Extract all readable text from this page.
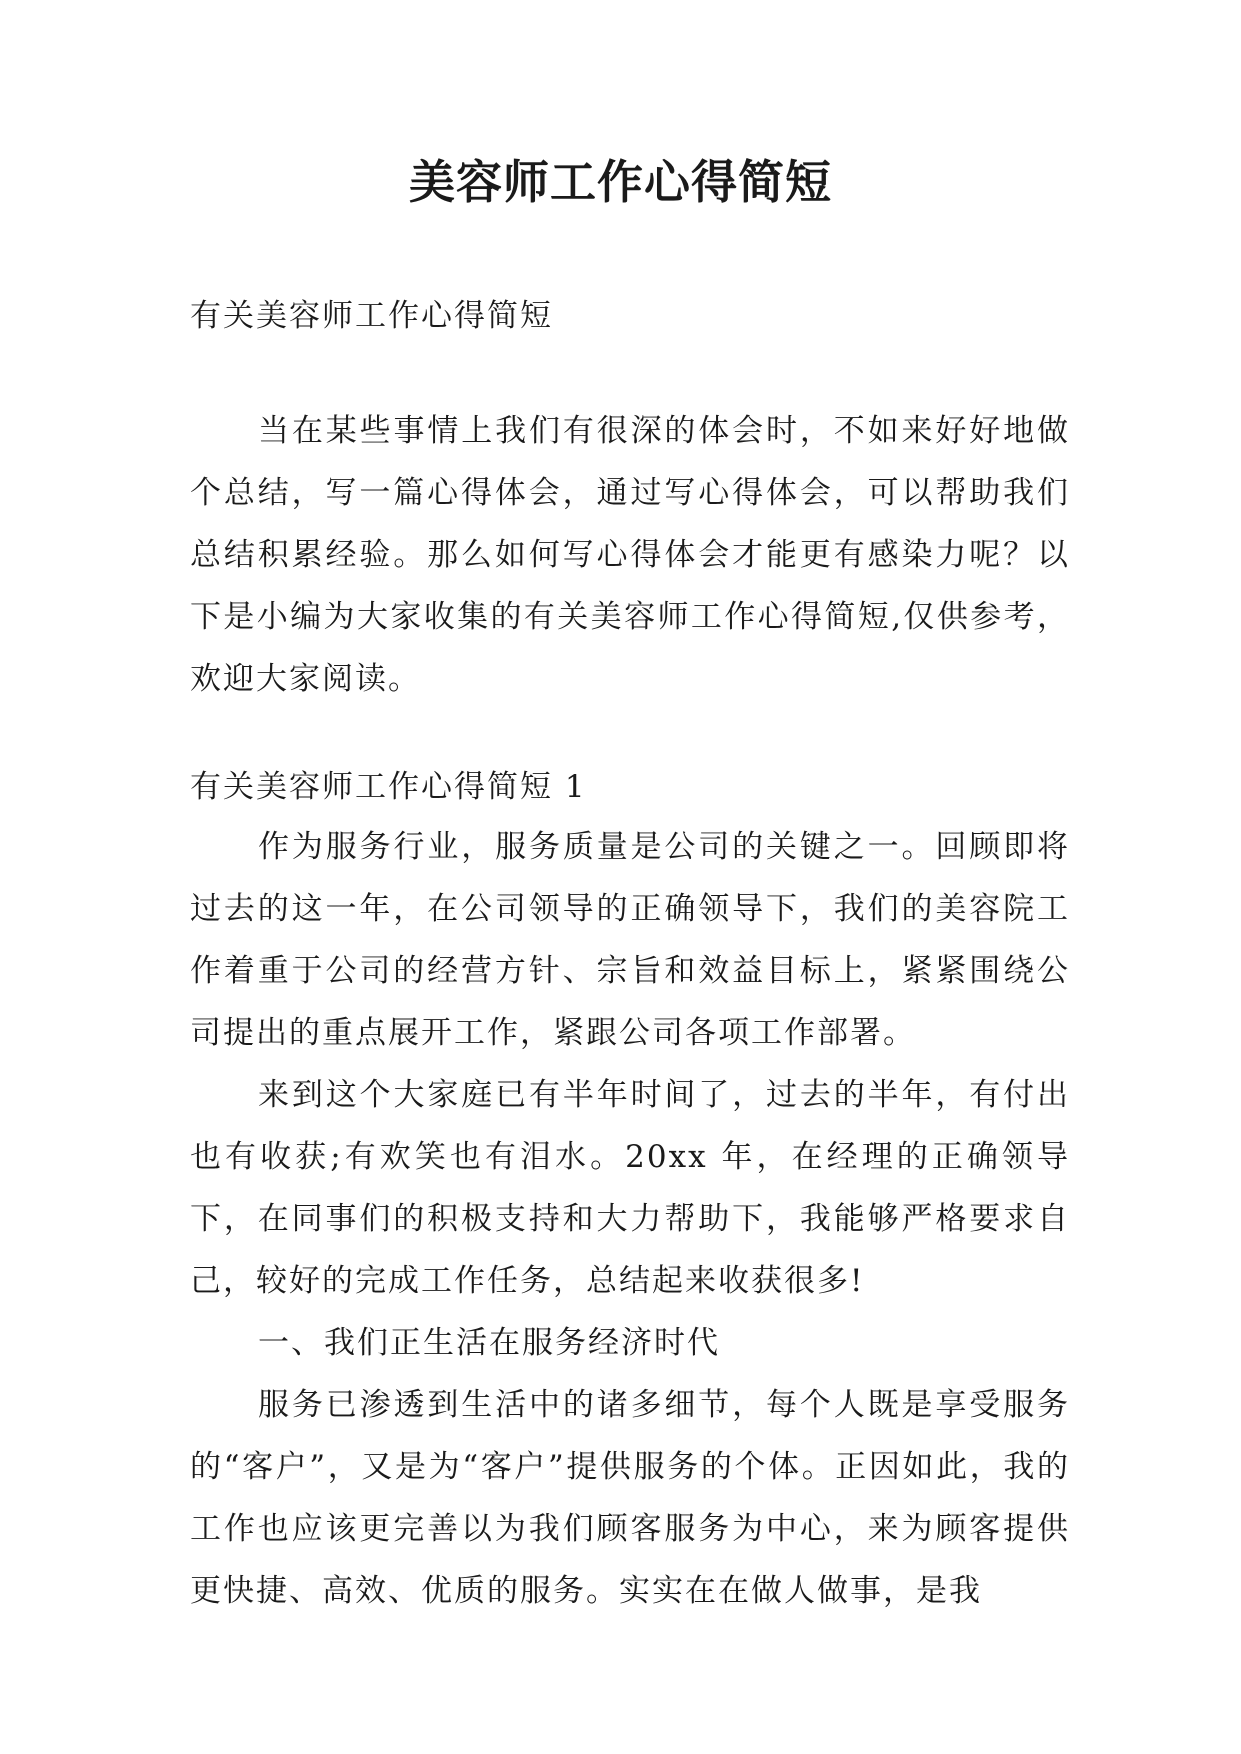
美容师工作心得简短

有关美容师工作心得简短

当在某些事情上我们有很深的体会时，不如来好好地做个总结，写一篇心得体会，通过写心得体会，可以帮助我们总结积累经验。那么如何写心得体会才能更有感染力呢？以下是小编为大家收集的有关美容师工作心得简短,仅供参考，欢迎大家阅读。

有关美容师工作心得简短 1

作为服务行业，服务质量是公司的关键之一。回顾即将过去的这一年，在公司领导的正确领导下，我们的美容院工作着重于公司的经营方针、宗旨和效益目标上，紧紧围绕公司提出的重点展开工作，紧跟公司各项工作部署。

来到这个大家庭已有半年时间了，过去的半年，有付出也有收获;有欢笑也有泪水。20xx 年，在经理的正确领导下，在同事们的积极支持和大力帮助下，我能够严格要求自己，较好的完成工作任务，总结起来收获很多!

一、我们正生活在服务经济时代

服务已渗透到生活中的诸多细节，每个人既是享受服务的“客户”，又是为“客户”提供服务的个体。正因如此，我的工作也应该更完善以为我们顾客服务为中心，来为顾客提供更快捷、高效、优质的服务。实实在在做人做事，是我
